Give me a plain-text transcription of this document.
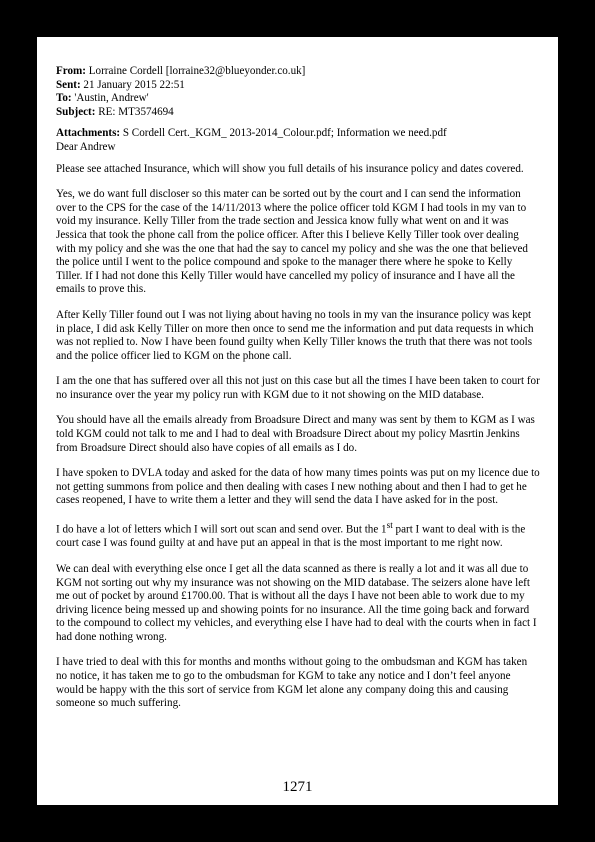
From: Lorraine Cordell [lorraine32@blueyonder.co.uk]
Sent: 21 January 2015 22:51
To: 'Austin, Andrew'
Subject: RE: MT3574694
Attachments: S Cordell Cert._KGM_ 2013-2014_Colour.pdf; Information we need.pdf
Dear Andrew

Please see attached Insurance, which will show you full details of his insurance policy and dates covered.

Yes, we do want full discloser so this mater can be sorted out by the court and I can send the information over to the CPS for the case of the 14/11/2013 where the police officer told KGM I had tools in my van to void my insurance. Kelly Tiller from the trade section and Jessica know fully what went on and it was Jessica that took the phone call from the police officer. After this I believe Kelly Tiller took over dealing with my policy and she was the one that had the say to cancel my policy and she was the one that believed the police until I went to the police compound and spoke to the manager there where he spoke to Kelly Tiller. If I had not done this Kelly Tiller would have cancelled my policy of insurance and I have all the emails to prove this.

After Kelly Tiller found out I was not liying about having no tools in my van the insurance policy was kept in place, I did ask Kelly Tiller on more then once to send me the information and put data requests in which was not replied to. Now I have been found guilty when Kelly Tiller knows the truth that there was not tools and the police officer lied to KGM on the phone call.

I am the one that has suffered over all this not just on this case but all the times I have been taken to court for no insurance over the year my policy run with KGM due to it not showing on the MID database.

You should have all the emails already from Broadsure Direct and many was sent by them to KGM as I was told KGM could not talk to me and I had to deal with Broadsure Direct about my policy Masrtin Jenkins from Broadsure Direct should also have copies of all emails as I do.

I have spoken to DVLA today and asked for the data of how many times points was put on my licence due to not getting summons from police and then dealing with cases I new nothing about and then I had to get he cases reopened, I have to write them a letter and they will send the data I have asked for in the post.

I do have a lot of letters which I will sort out scan and send over. But the 1st part I want to deal with is the court case I was found guilty at and have put an appeal in that is the most important to me right now.

We can deal with everything else once I get all the data scanned as there is really a lot and it was all due to KGM not sorting out why my insurance was not showing on the MID database. The seizers alone have left me out of pocket by around £1700.00. That is without all the days I have not been able to work due to my driving licence being messed up and showing points for no insurance. All the time going back and forward to the compound to collect my vehicles, and everything else I have had to deal with the courts when in fact I had done nothing wrong.

I have tried to deal with this for months and months without going to the ombudsman and KGM has taken no notice, it has taken me to go to the ombudsman for KGM to take any notice and I don’t feel anyone would be happy with the this sort of service from KGM let alone any company doing this and causing someone so much suffering.

1271
